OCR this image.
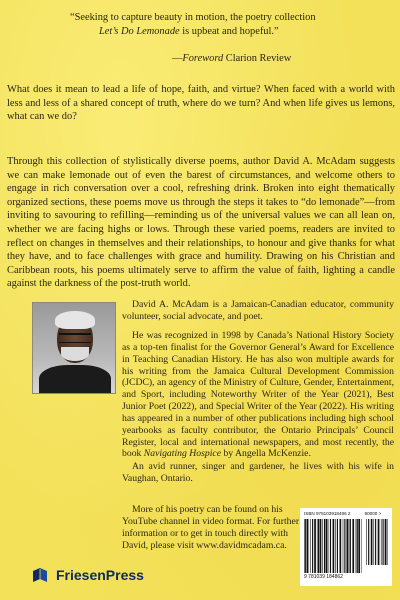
“Seeking to capture beauty in motion, the poetry collection
Let’s Do Lemonade is upbeat and hopeful.”
—Foreword Clarion Review

What does it mean to lead a life of hope, faith, and virtue? When faced with a world with less and less of a shared concept of truth, where do we turn? And when life gives us lemons, what can we do?

Through this collection of stylistically diverse poems, author David A. McAdam suggests we can make lemonade out of even the barest of circumstances, and welcome others to engage in rich conversation over a cool, refreshing drink. Broken into eight thematically organized sections, these poems move us through the steps it takes to “do lemonade”—from inviting to savouring to refilling—reminding us of the universal values we can all lean on, whether we are facing highs or lows. Through these varied poems, readers are invited to reflect on changes in themselves and their relationships, to honour and give thanks for what they have, and to face challenges with grace and humility. Drawing on his Christian and Caribbean roots, his poems ultimately serve to affirm the value of faith, lighting a candle against the darkness of the post-truth world.

David A. McAdam is a Jamaican-Canadian educator, community volunteer, social advocate, and poet.

He was recognized in 1998 by Canada’s National History Society as a top-ten finalist for the Governor General’s Award for Excellence in Teaching Canadian History. He has also won multiple awards for his writing from the Jamaica Cultural Development Commission (JCDC), an agency of the Ministry of Culture, Gender, Entertainment, and Sport, including Noteworthy Writer of the Year (2021), Best Junior Poet (2022), and Special Writer of the Year (2022). His writing has appeared in a number of other publications including high school yearbooks as faculty contributor, the Ontario Principals’ Council Register, local and international newspapers, and most recently, the book Navigating Hospice by Angella McKenzie.

An avid runner, singer and gardener, he lives with his wife in Vaughan, Ontario.

More of his poetry can be found on his YouTube channel in video format. For further information or to get in touch directly with David, please visit www.davidmcadam.ca.

ISBN 978103918486 2	90000 >
9 781039 184862
FriesenPress
